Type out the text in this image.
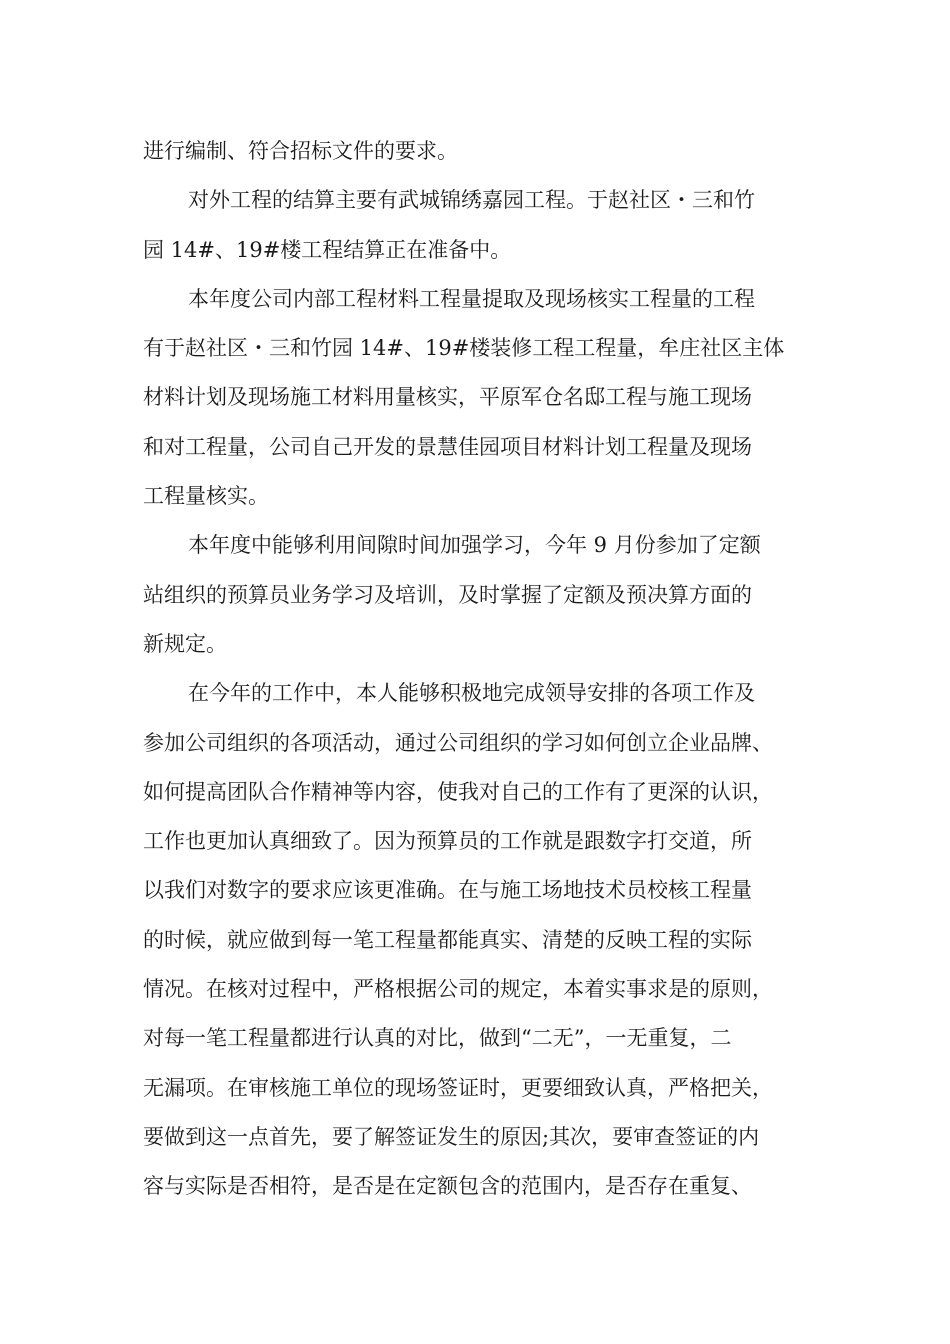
进行编制、符合招标文件的要求。
对外工程的结算主要有武城锦绣嘉园工程。于赵社区・三和竹
园 14#、19#楼工程结算正在准备中。
本年度公司内部工程材料工程量提取及现场核实工程量的工程
有于赵社区・三和竹园 14#、19#楼装修工程工程量，牟庄社区主体
材料计划及现场施工材料用量核实，平原军仓名邸工程与施工现场
和对工程量，公司自己开发的景慧佳园项目材料计划工程量及现场
工程量核实。
本年度中能够利用间隙时间加强学习，今年 9 月份参加了定额
站组织的预算员业务学习及培训，及时掌握了定额及预决算方面的
新规定。
在今年的工作中，本人能够积极地完成领导安排的各项工作及
参加公司组织的各项活动，通过公司组织的学习如何创立企业品牌、
如何提高团队合作精神等内容，使我对自己的工作有了更深的认识，
工作也更加认真细致了。因为预算员的工作就是跟数字打交道，所
以我们对数字的要求应该更准确。在与施工场地技术员校核工程量
的时候，就应做到每一笔工程量都能真实、清楚的反映工程的实际
情况。在核对过程中，严格根据公司的规定，本着实事求是的原则，
对每一笔工程量都进行认真的对比，做到“二无”，一无重复，二
无漏项。在审核施工单位的现场签证时，更要细致认真，严格把关，
要做到这一点首先，要了解签证发生的原因;其次，要审查签证的内
容与实际是否相符，是否是在定额包含的范围内，是否存在重复、
